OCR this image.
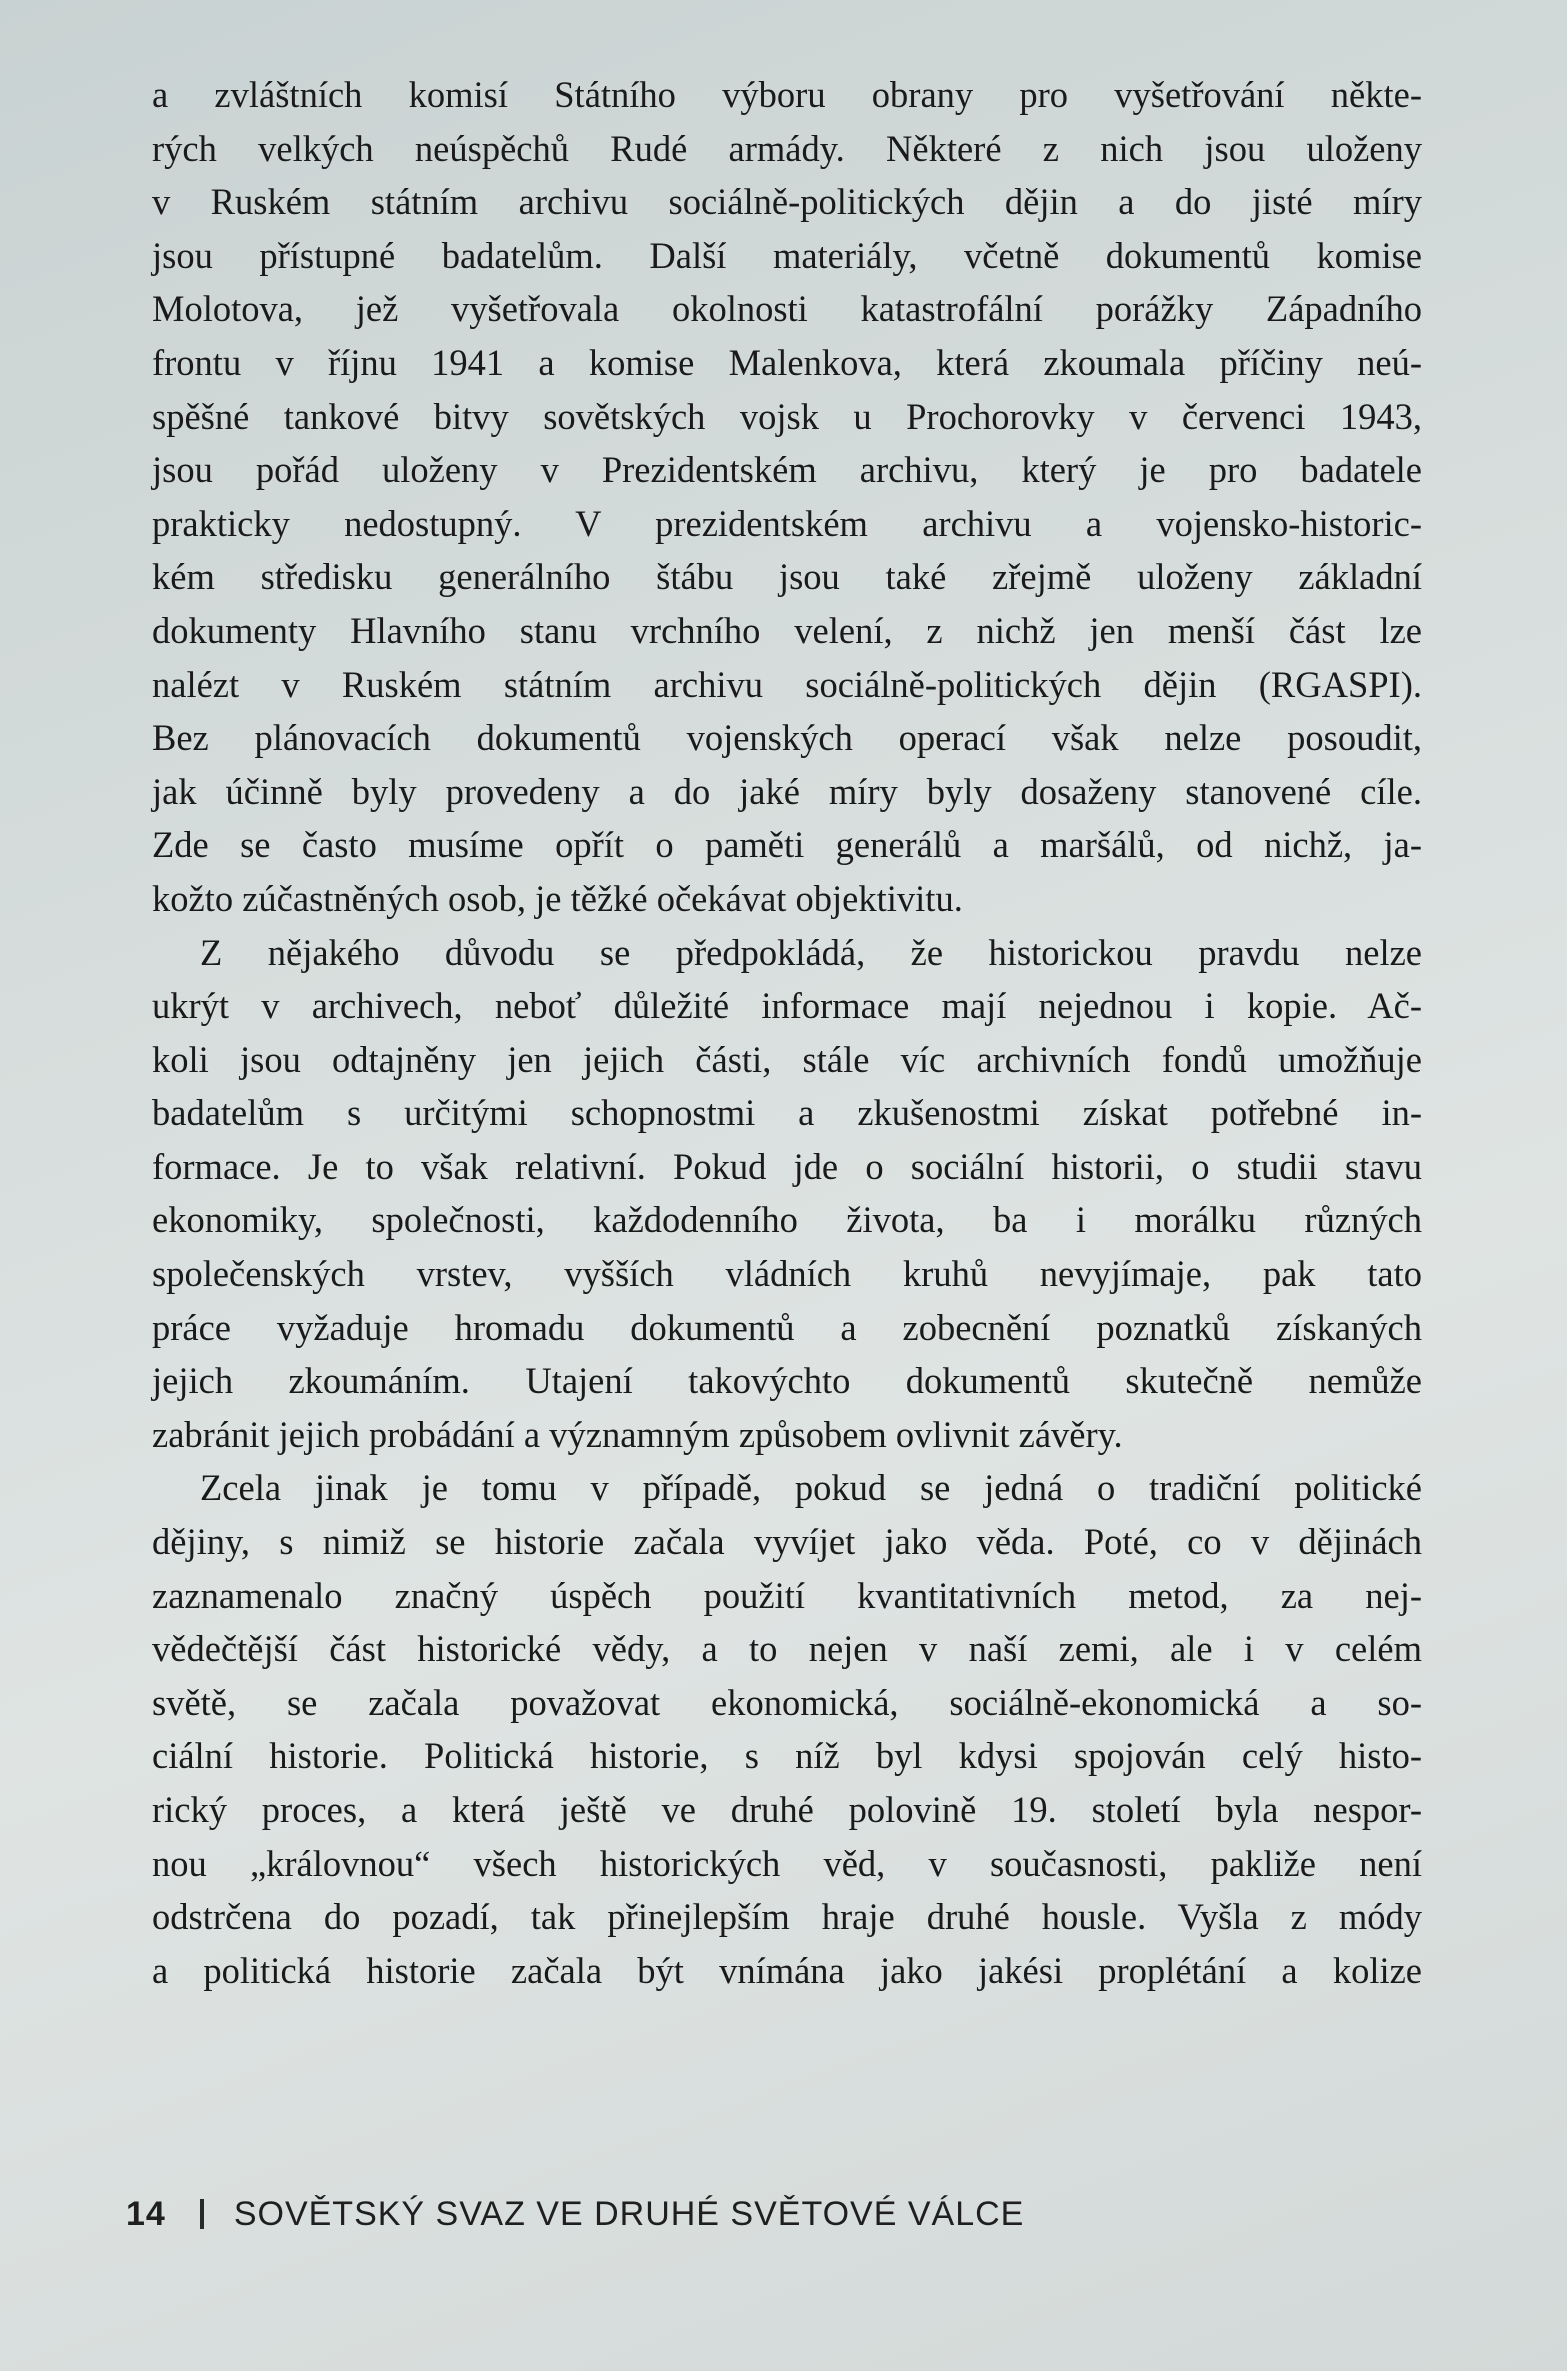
a zvláštních komisí Státního výboru obrany pro vyšetřování někte-
rých velkých neúspěchů Rudé armády. Některé z nich jsou uloženy
v Ruském státním archivu sociálně-politických dějin a do jisté míry
jsou přístupné badatelům. Další materiály, včetně dokumentů komise
Molotova, jež vyšetřovala okolnosti katastrofální porážky Západního
frontu v říjnu 1941 a komise Malenkova, která zkoumala příčiny neú-
spěšné tankové bitvy sovětských vojsk u Prochorovky v červenci 1943,
jsou pořád uloženy v Prezidentském archivu, který je pro badatele
prakticky nedostupný. V prezidentském archivu a vojensko-historic-
kém středisku generálního štábu jsou také zřejmě uloženy základní
dokumenty Hlavního stanu vrchního velení, z nichž jen menší část lze
nalézt v Ruském státním archivu sociálně-politických dějin (RGASPI).
Bez plánovacích dokumentů vojenských operací však nelze posoudit,
jak účinně byly provedeny a do jaké míry byly dosaženy stanovené cíle.
Zde se často musíme opřít o paměti generálů a maršálů, od nichž, ja-
kožto zúčastněných osob, je těžké očekávat objektivitu.

Z nějakého důvodu se předpokládá, že historickou pravdu nelze
ukrýt v archivech, neboť důležité informace mají nejednou i kopie. Ač-
koli jsou odtajněny jen jejich části, stále víc archivních fondů umožňuje
badatelům s určitými schopnostmi a zkušenostmi získat potřebné in-
formace. Je to však relativní. Pokud jde o sociální historii, o studii stavu
ekonomiky, společnosti, každodenního života, ba i morálku různých
společenských vrstev, vyšších vládních kruhů nevyjímaje, pak tato
práce vyžaduje hromadu dokumentů a zobecnění poznatků získaných
jejich zkoumáním. Utajení takovýchto dokumentů skutečně nemůže
zabránit jejich probádání a významným způsobem ovlivnit závěry.

Zcela jinak je tomu v případě, pokud se jedná o tradiční politické
dějiny, s nimiž se historie začala vyvíjet jako věda. Poté, co v dějinách
zaznamenalo značný úspěch použití kvantitativních metod, za nej-
vědečtější část historické vědy, a to nejen v naší zemi, ale i v celém
světě, se začala považovat ekonomická, sociálně-ekonomická a so-
ciální historie. Politická historie, s níž byl kdysi spojován celý histo-
rický proces, a která ještě ve druhé polovině 19. století byla nespor-
nou „královnou“ všech historických věd, v současnosti, pakliže není
odstrčena do pozadí, tak přinejlepším hraje druhé housle. Vyšla z módy
a politická historie začala být vnímána jako jakési proplétání a kolize

14 SOVĚTSKÝ SVAZ VE DRUHÉ SVĚTOVÉ VÁLCE
